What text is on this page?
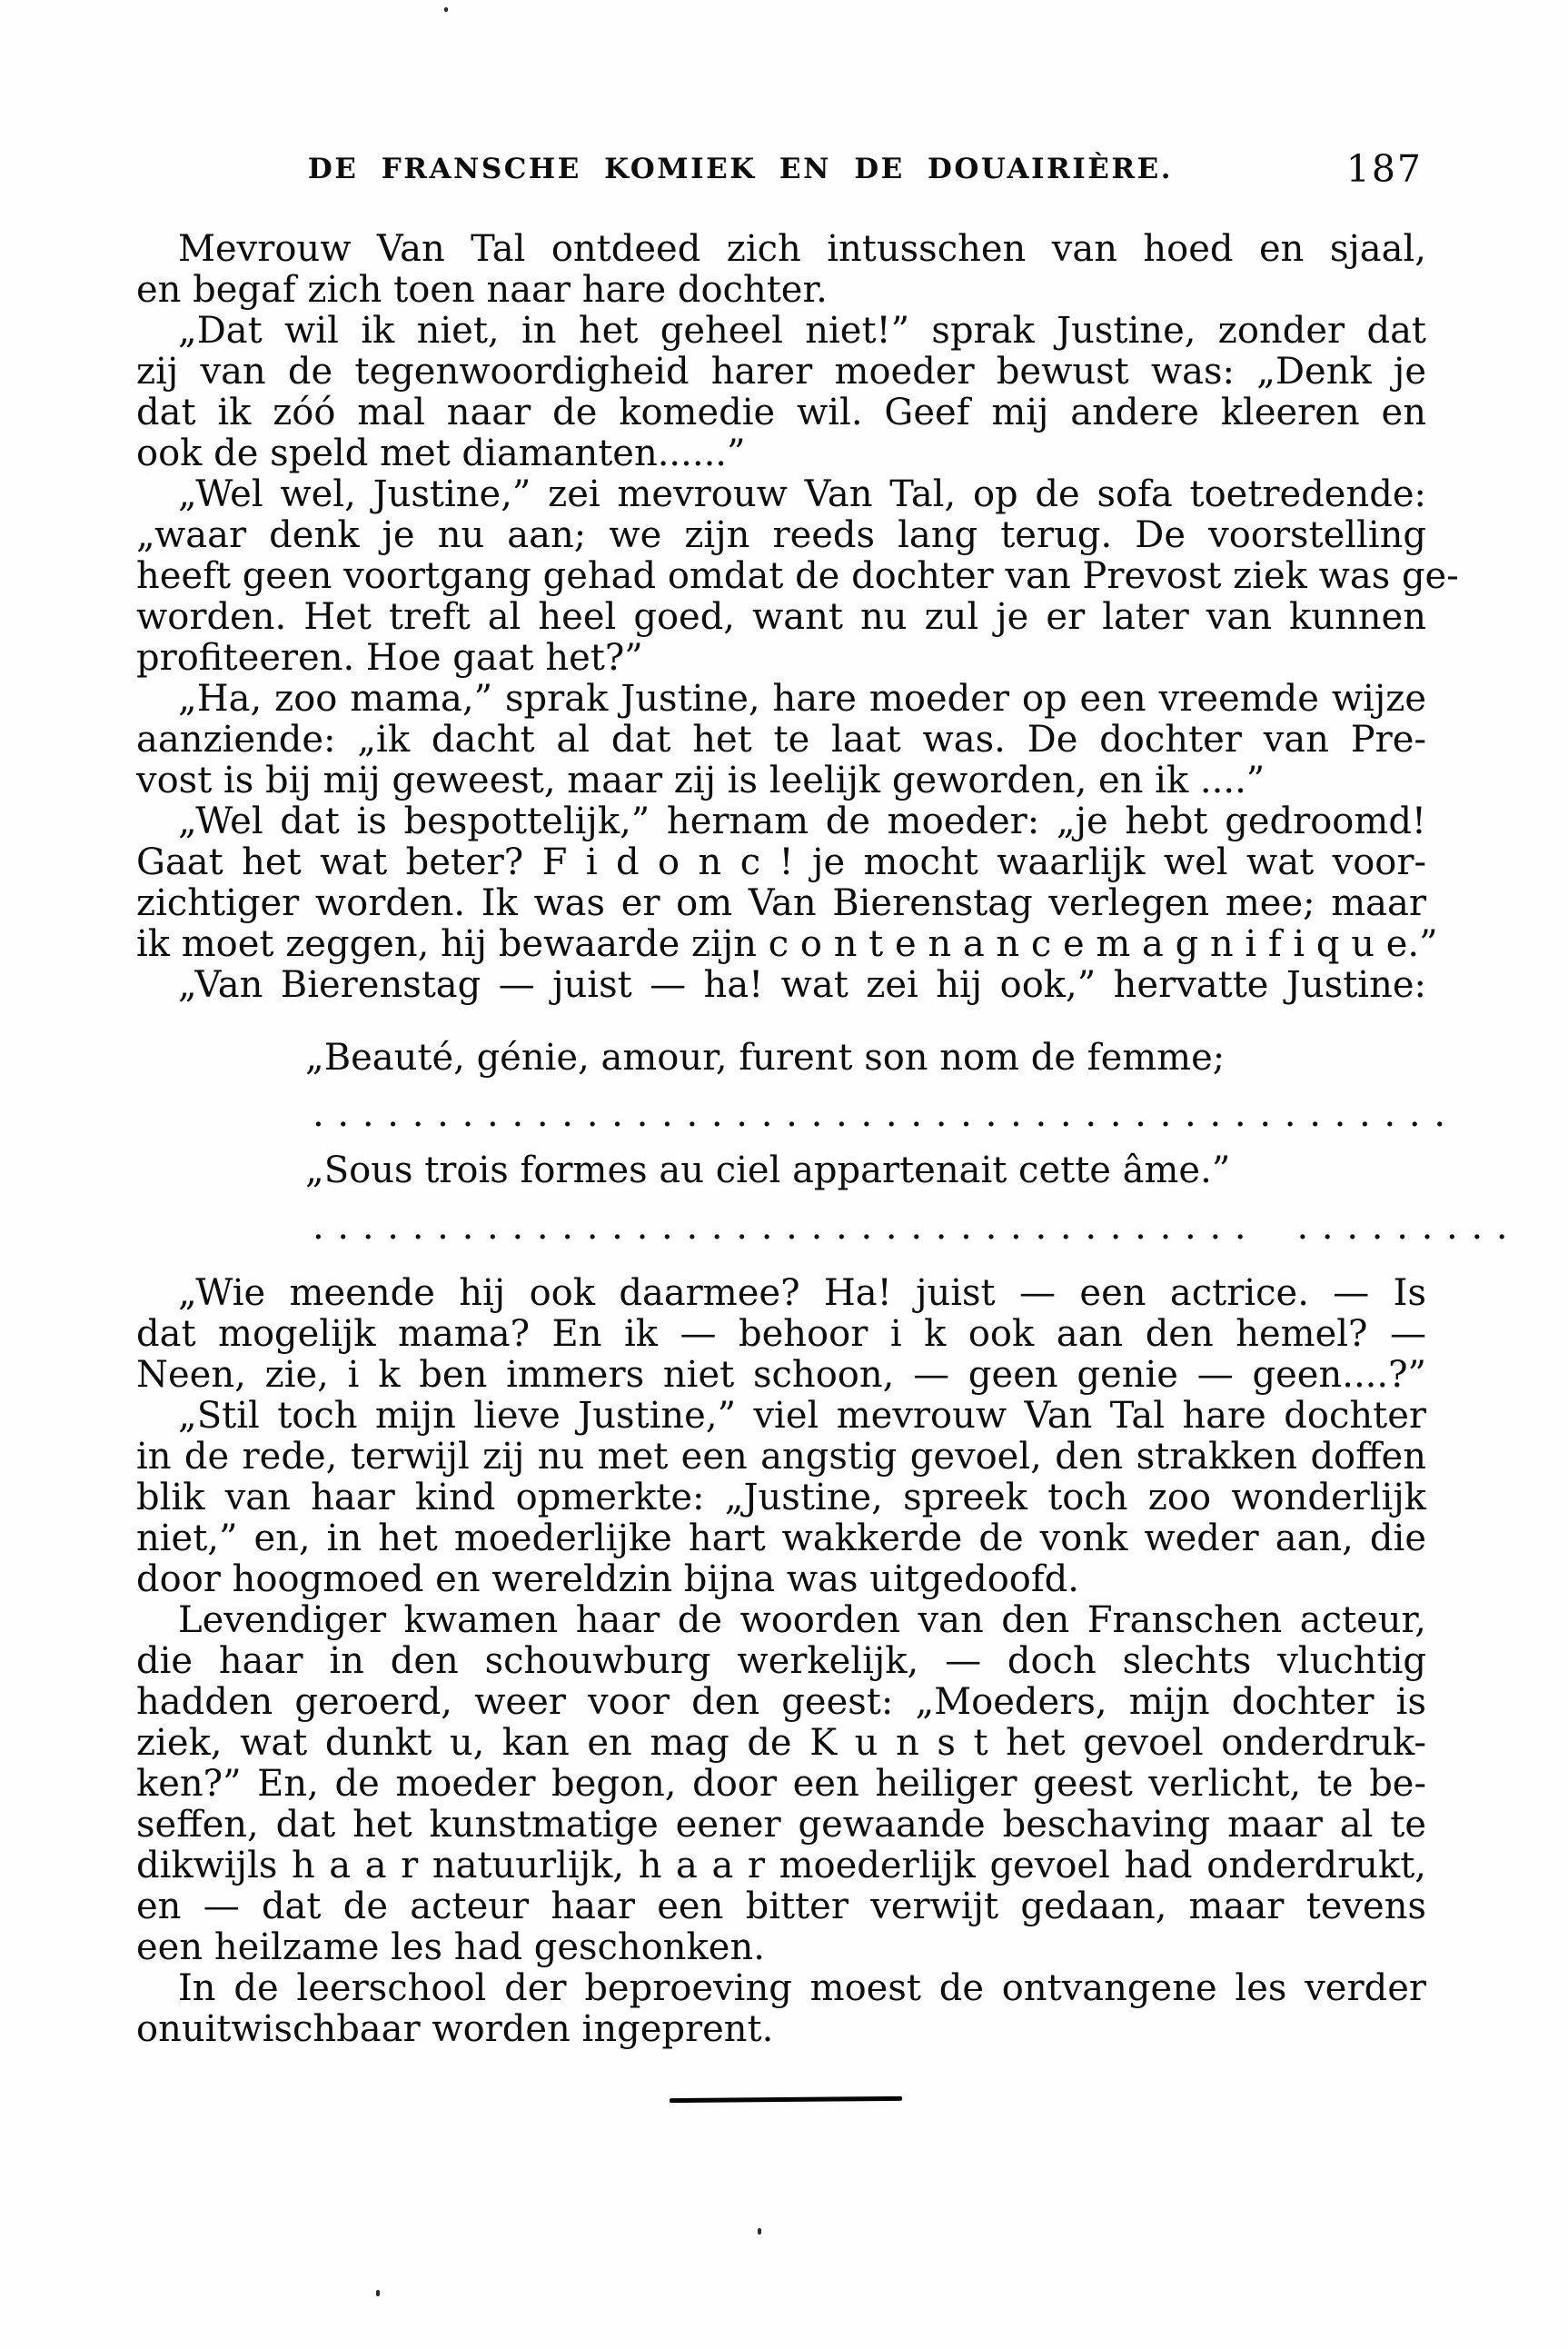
DE FRANSCHE KOMIEK EN DE DOUAIRIÈRE.	187
Mevrouw Van Tal ontdeed zich intusschen van hoed en sjaal,
en begaf zich toen naar hare dochter.
„Dat wil ik niet, in het geheel niet!” sprak Justine, zonder dat
zij van de tegenwoordigheid harer moeder bewust was: „Denk je
dat ik zóó mal naar de komedie wil. Geef mij andere kleeren en
ook de speld met diamanten......”
„Wel wel, Justine,” zei mevrouw Van Tal, op de sofa toetredende:
„waar denk je nu aan; we zijn reeds lang terug. De voorstelling
heeft geen voortgang gehad omdat de dochter van Prevost ziek was ge-
worden. Het treft al heel goed, want nu zul je er later van kunnen
profiteeren. Hoe gaat het?”
„Ha, zoo mama,” sprak Justine, hare moeder op een vreemde wijze
aanziende: „ik dacht al dat het te laat was. De dochter van Pre-
vost is bij mij geweest, maar zij is leelijk geworden, en ik ....”
„Wel dat is bespottelijk,” hernam de moeder: „je hebt gedroomd!
Gaat het wat beter? F i d o n c ! je mocht waarlijk wel wat voor-
zichtiger worden. Ik was er om Van Bierenstag verlegen mee; maar
ik moet zeggen, hij bewaarde zijn c o n t e n a n c e m a g n i f i q u e.”
„Van Bierenstag — juist — ha! wat zei hij ook,” hervatte Justine:
„Beauté, génie, amour, furent son nom de femme;
. . . . . . . . . . . . . . . . . . . . . . . . . . . . . . . . . . . . . . . . . . . . . .
„Sous trois formes au ciel appartenait cette âme.”
. . . . . . . . . . . . . . . . . . . . . . . . . . . . . . . . . . . . . .    . . . . . . . . .
„Wie meende hij ook daarmee? Ha! juist — een actrice. — Is
dat mogelijk mama? En ik — behoor i k ook aan den hemel? —
Neen, zie, i k ben immers niet schoon, — geen genie — geen....?”
„Stil toch mijn lieve Justine,” viel mevrouw Van Tal hare dochter
in de rede, terwijl zij nu met een angstig gevoel, den strakken doffen
blik van haar kind opmerkte: „Justine, spreek toch zoo wonderlijk
niet,” en, in het moederlijke hart wakkerde de vonk weder aan, die
door hoogmoed en wereldzin bijna was uitgedoofd.
Levendiger kwamen haar de woorden van den Franschen acteur,
die haar in den schouwburg werkelijk, — doch slechts vluchtig
hadden geroerd, weer voor den geest: „Moeders, mijn dochter is
ziek, wat dunkt u, kan en mag de K u n s t het gevoel onderdruk-
ken?” En, de moeder begon, door een heiliger geest verlicht, te be-
seffen, dat het kunstmatige eener gewaande beschaving maar al te
dikwijls h a a r natuurlijk, h a a r moederlijk gevoel had onderdrukt,
en — dat de acteur haar een bitter verwijt gedaan, maar tevens
een heilzame les had geschonken.
In de leerschool der beproeving moest de ontvangene les verder
onuitwischbaar worden ingeprent.
